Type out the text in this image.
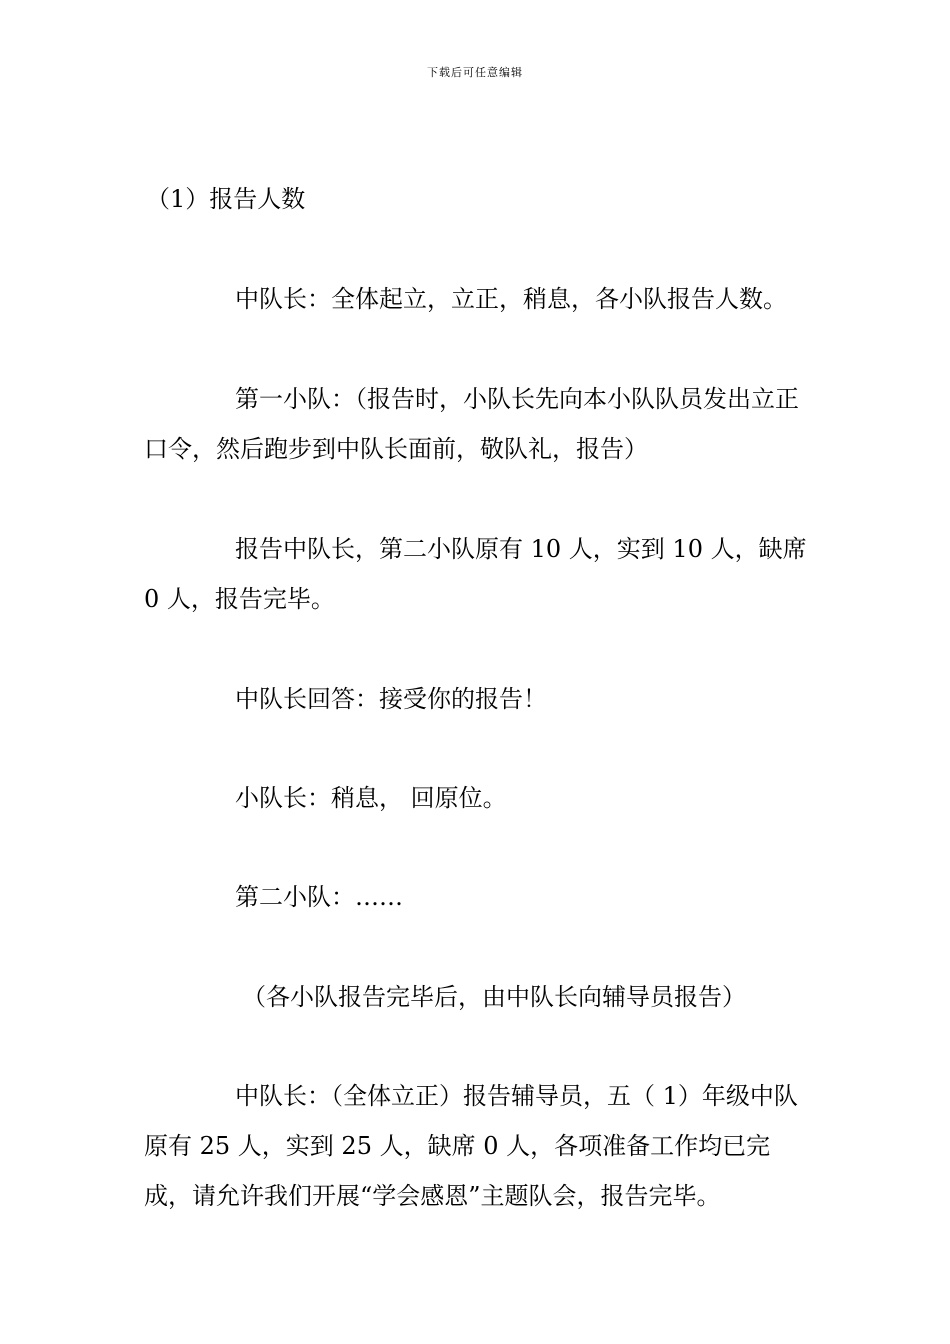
下载后可任意编辑

（1）报告人数

中队长：全体起立，立正，稍息，各小队报告人数。

第一小队：（报告时，小队长先向本小队队员发出立正口令，然后跑步到中队长面前，敬队礼，报告）

报告中队长，第二小队原有 10 人，实到 10 人，缺席 0 人，报告完毕。

中队长回答：接受你的报告！

小队长：稍息， 回原位。

第二小队：……

（各小队报告完毕后，由中队长向辅导员报告）

中队长：（全体立正）报告辅导员，五（ 1）年级中队原有 25 人，实到 25 人，缺席 0 人，各项准备工作均已完成，请允许我们开展“学会感恩”主题队会，报告完毕。
